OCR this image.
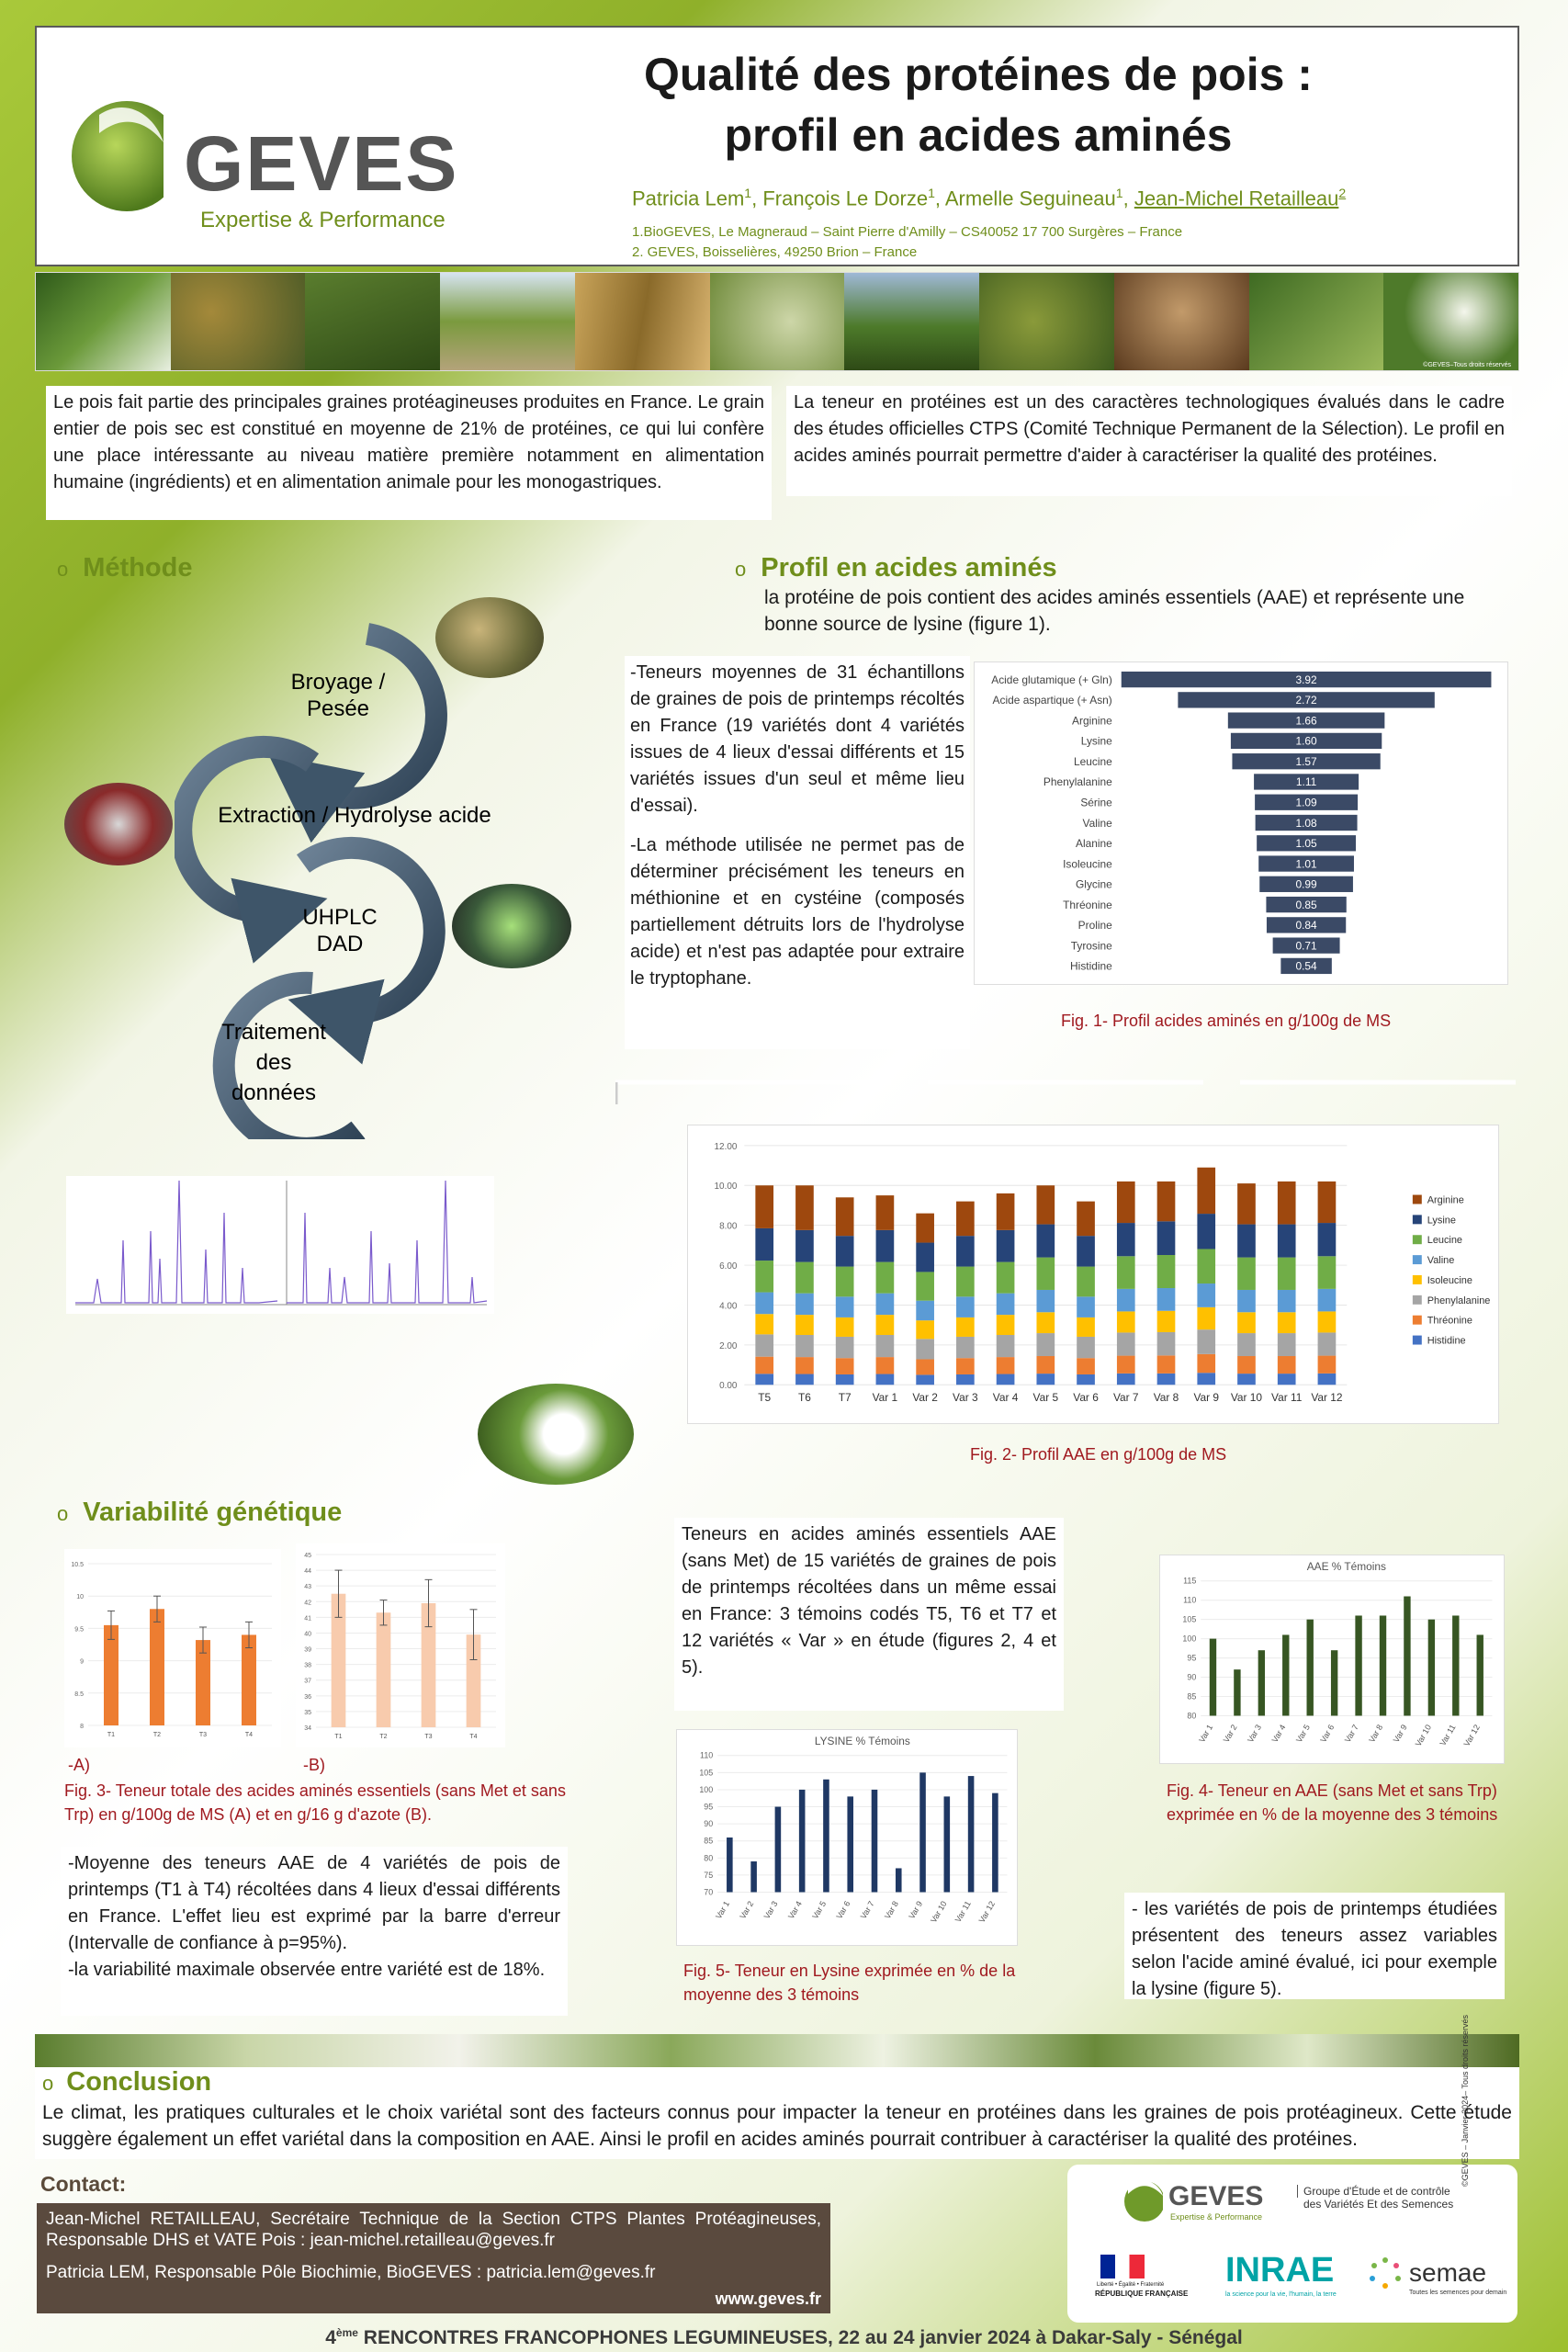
GEVES
Expertise & Performance
Qualité des protéines de pois :
profil en acides aminés
Patricia Lem$^1$, François Le Dorze$^1$, Armelle Seguineau$^1$, Jean-Michel Retailleau$^2$
1.BioGEVES, Le Magneraud – Saint Pierre d'Amilly – CS40052 17 700 Surgères – France
2. GEVES, Boisselières, 49250 Brion – France
©GEVES–Tous droits réservés

Le pois fait partie des principales graines protéagineuses produites en France. Le grain entier de pois sec est constitué en moyenne de 21% de protéines, ce qui lui confère une place intéressante au niveau matière première notamment en alimentation humaine (ingrédients) et en alimentation animale pour les monogastriques.

La teneur en protéines est un des caractères technologiques évalués dans le cadre des études officielles CTPS (Comité Technique Permanent de la Sélection). Le profil en acides aminés pourrait permettre d'aider à caractériser la qualité des protéines.

o Méthode
Broyage /
Pesée
Extraction / Hydrolyse acide
UHPLC
DAD
Traitement
des
données
o Profil en acides aminés

la protéine de pois contient des acides aminés essentiels (AAE) et représente une bonne source de lysine (figure 1).

-Teneurs moyennes de 31 échantillons de graines de pois de printemps récoltés en France (19 variétés dont 4 variétés issues de 4 lieux d'essai différents et 15 variétés issues d'un seul et même lieu d'essai).

-La méthode utilisée ne permet pas de déterminer précisément les teneurs en méthionine et en cystéine (composés partiellement détruits lors de l'hydrolyse acide) et n'est pas adaptée pour extraire le tryptophane.

Acide glutamique (+ Gln)	3.92
Acide aspartique (+ Asn)	2.72
Arginine	1.66
Lysine	1.60
Leucine	1.57
Phenylalanine	1.11
Sérine	1.09
Valine	1.08
Alanine	1.05
Isoleucine	1.01
Glycine	0.99
Thréonine	0.85
Proline	0.84
Tyrosine	0.71
Histidine	0.54
Fig. 1- Profil acides aminés en g/100g de MS
0.00
2.00
4.00
6.00
8.00
10.00
12.00
T5 T6 T7 Var 1 Var 2 Var 3 Var 4 Var 5 Var 6 Var 7 Var 8 Var 9 Var 10 Var 11 Var 12
Arginine
Lysine
Leucine
Valine
Isoleucine
Phenylalanine
Thréonine
Histidine
Fig. 2- Profil AAE en g/100g de MS
o Variabilité génétique
8
8.5
9
9.5
10
10.5
T1	T2	T3	T4
34
35
36
37
38
39
40
41
42
43
44
45
T1	T2	T3	T4
-A)	-B)
Fig. 3- Teneur totale des acides aminés essentiels (sans Met et sans Trp) en g/100g de MS (A) et en g/16 g d'azote (B).

-Moyenne des teneurs AAE de 4 variétés de pois de printemps (T1 à T4) récoltées dans 4 lieux d'essai différents en France. L'effet lieu est exprimé par la barre d'erreur (Intervalle de confiance à p=95%).

-la variabilité maximale observée entre variété est de 18%.

Teneurs en acides aminés essentiels AAE (sans Met) de 15 variétés de graines de pois de printemps récoltées dans un même essai en France: 3 témoins codés T5, T6 et T7 et 12 variétés « Var » en étude (figures 2, 4 et 5).

LYSINE % Témoins
70
75
80
85
90
95
100
105
110
Var 1 Var 2 Var 3 Var 4 Var 5 Var 6 Var 7 Var 8 Var 9 Var 10 Var 11 Var 12
Fig. 5- Teneur en Lysine exprimée en % de la moyenne des 3 témoins
AAE % Témoins
80
85
90
95
100
105
110
115
Var 1 Var 2 Var 3 Var 4 Var 5 Var 6 Var 7 Var 8 Var 9 Var 10 Var 11 Var 12
Fig. 4- Teneur en AAE (sans Met et sans Trp) exprimée en % de la moyenne des 3 témoins

- les variétés de pois de printemps étudiées présentent des teneurs assez variables selon l'acide aminé évalué, ici pour exemple la lysine (figure 5).

o Conclusion

Le climat, les pratiques culturales et le choix variétal sont des facteurs connus pour impacter la teneur en protéines dans les graines de pois protéagineux. Cette étude suggère également un effet variétal dans la composition en AAE. Ainsi le profil en acides aminés pourrait contribuer à caractériser la qualité des protéines.

Contact:

Jean-Michel RETAILLEAU, Secrétaire Technique de la Section CTPS Plantes Protéagineuses, Responsable DHS et VATE Pois : jean-michel.retailleau@geves.fr

Patricia LEM, Responsable Pôle Biochimie, BioGEVES : patricia.lem@geves.fr

www.geves.fr
GEVES
Expertise & Performance
Groupe d'Étude et de contrôle
des Variétés Et des Semences
RÉPUBLIQUE FRANÇAISE
Liberté • Égalité • Fraternité INRAE
la science pour la vie, l'humain, la terre
semae
Toutes les semences pour demain
4ème RENCONTRES FRANCOPHONES LEGUMINEUSES, 22 au 24 janvier 2024 à Dakar-Saly - Sénégal
©GEVES – Janvier 2024– Tous droits réservés
